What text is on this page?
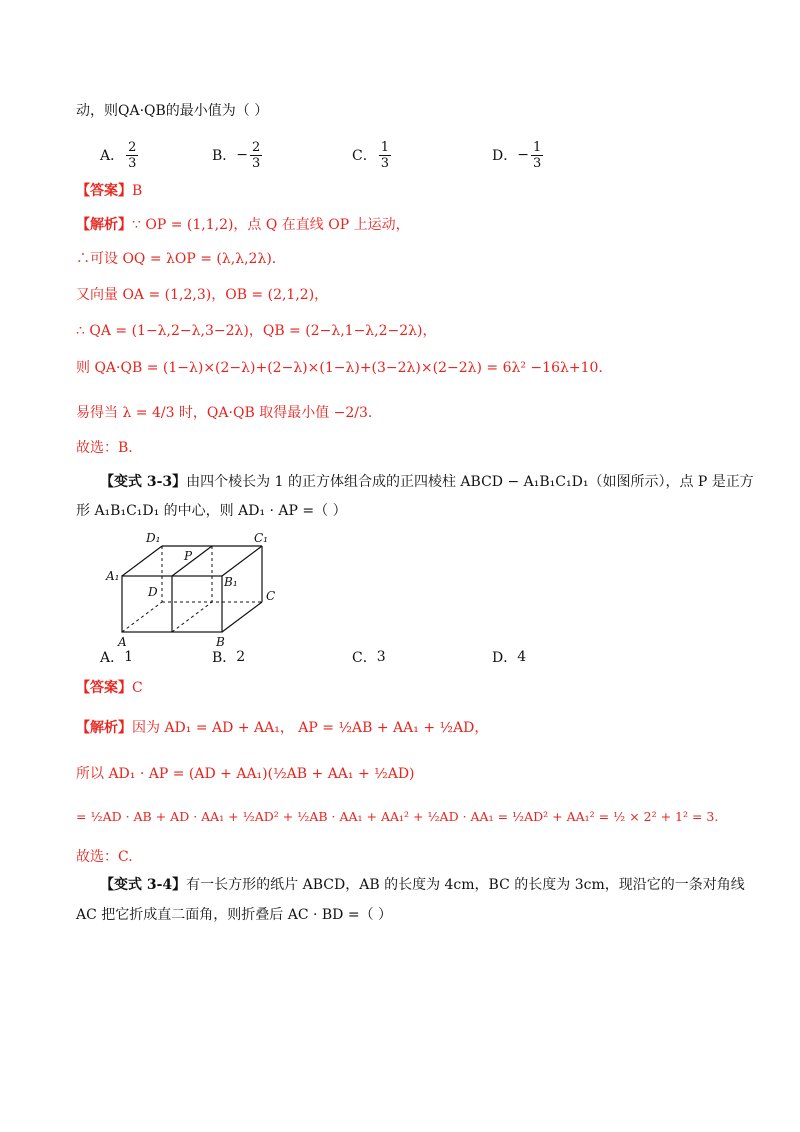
动，则QA·QB的最小值为（ ）
A． $\frac{2}{3}$	B． − $\frac{2}{3}$	C． $\frac{1}{3}$	D． − $\frac{1}{3}$
【答案】B
【解析】∵ OP = (1,1,2)，点 Q 在直线 OP 上运动，
∴可设 OQ = λOP = (λ,λ,2λ).
又向量 OA = (1,2,3)，OB = (2,1,2)，
∴ QA = (1−λ,2−λ,3−2λ)，QB = (2−λ,1−λ,2−2λ)，
则 QA·QB = (1−λ)×(2−λ)+(2−λ)×(1−λ)+(3−2λ)×(2−2λ) = 6λ² −16λ+10.
易得当 λ = 4/3 时，QA·QB 取得最小值 −2/3.
故选：B.
【变式 3-3】由四个棱长为 1 的正方体组合成的正四棱柱 ABCD − A₁B₁C₁D₁（如图所示），点 P 是正方
形 A₁B₁C₁D₁ 的中心，则 AD₁ · AP =（ ）
D₁
P
C₁
A₁	B₁
D	C
A	B
A． 1	B． 2	C． 3	D． 4
【答案】C
【解析】因为 AD₁ = AD + AA₁， AP = ½AB + AA₁ + ½AD，
所以 AD₁ · AP = (AD + AA₁)(½AB + AA₁ + ½AD)
= ½AD · AB + AD · AA₁ + ½AD² + ½AB · AA₁ + AA₁² + ½AD · AA₁ = ½AD² + AA₁² = ½ × 2² + 1² = 3.
故选：C.
【变式 3-4】有一长方形的纸片 ABCD，AB 的长度为 4cm，BC 的长度为 3cm，现沿它的一条对角线
AC 把它折成直二面角，则折叠后 AC · BD =（ ）
